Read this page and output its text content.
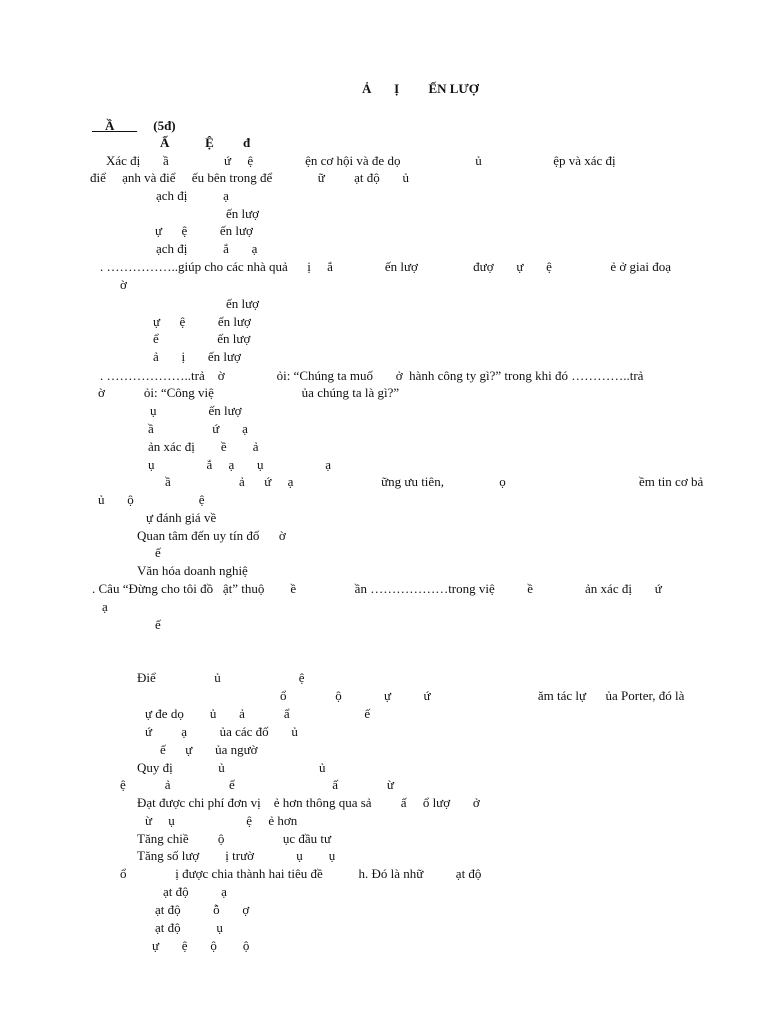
Ả       Ị         ẾN LƯỢ
Ầ (5đ)
Ấ           Ệ         đ
Xác đị       ầ                 ứ     ệ                ện cơ hội và đe dọ                       ủ                      ệp và xác đị
điể     ạnh và điể     ếu bên trong để              ữ         ạt độ       ủ
ạch đị           ạ
ến lượ
ự      ệ          ến lượ
ạch đị           ắ       ạ
. ……………..giúp cho các nhà quả      ị     ắ                ến lượ                 đượ       ự       ệ                  ẻ ở giai đoạ
ờ
ến lượ
ự      ệ          ến lượ
ể                  ến lượ
ả       ị       ến lượ
. ………………..trả    ờ                ỏi: “Chúng ta muố       ở  hành công ty gì?” trong khi đó …………..trả
ờ            ỏi: “Công việ                           ủa chúng ta là gì?”
ụ                ến lượ
ầ                  ứ       ạ
ản xác đị        ề        ả
ụ                ắ     ạ       ụ                   ạ
ầ                     ả      ứ     ạ                           ững ưu tiên,                 ọ                                         ềm tin cơ bả
ủ       ộ                    ệ
ự đánh giá về
Quan tâm đến uy tín đố      ờ
ế
Văn hóa doanh nghiệ
. Câu “Đừng cho tôi đồ   ật” thuộ        ề                  ần ………………trong việ          ề                ản xác đị       ứ
ạ
ế
Điể                  ủ                        ệ
ổ               ộ             ự          ứ                                 ăm tác lự      ủa Porter, đó là
ự đe dọ        ủ       ả            ẩ                       ế
ứ         ạ          ủa các đố       ủ
ế      ự       ủa ngườ
Quy đị              ủ                             ủ
ệ            ả                  ế                              ấ               ừ
Đạt được chi phí đơn vị    ẻ hơn thông qua sả         ấ     ổ lượ       ở
ừ     ụ                      ệ     ẻ hơn
Tăng chiề         ộ                  ục đầu tư
Tăng số lượ        ị trườ             ụ        ụ
ổ               ị được chia thành hai tiêu đề           h. Đó là nhữ          ạt độ
ạt độ          ạ
ạt độ          ỗ       ợ
ạt độ           ụ
ự       ệ       ộ        ộ
